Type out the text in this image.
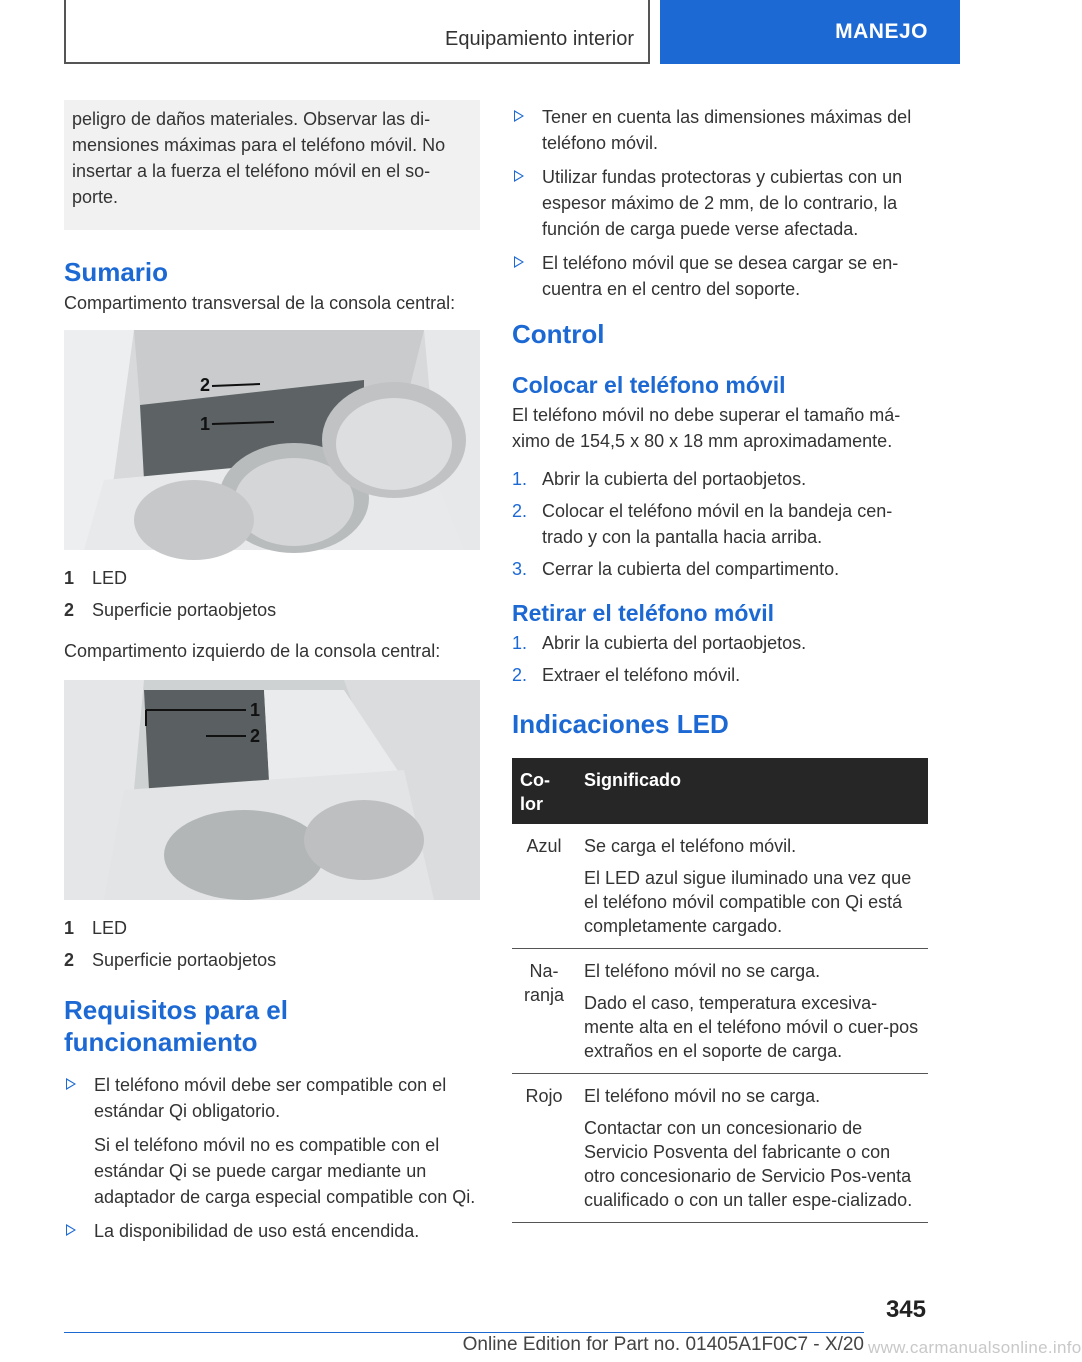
Equipamiento interior	MANEJO
peligro de daños materiales. Observar las di-mensiones máximas para el teléfono móvil. No insertar a la fuerza el teléfono móvil en el so-porte.
Sumario

Compartimento transversal de la consola central:

2
1
1 LED
2 Superficie portaobjetos

Compartimento izquierdo de la consola central:

1
2
1 LED
2 Superficie portaobjetos
Requisitos para el funcionamiento
El teléfono móvil debe ser compatible con el estándar Qi obligatorio.
Si el teléfono móvil no es compatible con el estándar Qi se puede cargar mediante un adaptador de carga especial compatible con Qi.
La disponibilidad de uso está encendida.
Tener en cuenta las dimensiones máximas del teléfono móvil.
Utilizar fundas protectoras y cubiertas con un espesor máximo de 2 mm, de lo contrario, la función de carga puede verse afectada.
El teléfono móvil que se desea cargar se en-cuentra en el centro del soporte.
Control
Colocar el teléfono móvil

El teléfono móvil no debe superar el tamaño má-ximo de 154,5 x 80 x 18 mm aproximadamente.

1. Abrir la cubierta del portaobjetos.
2. Colocar el teléfono móvil en la bandeja cen-trado y con la pantalla hacia arriba.
3. Cerrar la cubierta del compartimento.
Retirar el teléfono móvil
1. Abrir la cubierta del portaobjetos.
2. Extraer el teléfono móvil.
Indicaciones LED
Co-lor	Significado
Azul	Se carga el teléfono móvil.
El LED azul sigue iluminado una vez que el teléfono móvil compatible con Qi está completamente cargado.

Na-ranja	El teléfono móvil no se carga.
Dado el caso, temperatura excesiva-mente alta en el teléfono móvil o cuer-pos extraños en el soporte de carga.

Rojo	El teléfono móvil no se carga.
Contactar con un concesionario de Servicio Posventa del fabricante o con otro concesionario de Servicio Pos-venta cualificado o con un taller espe-cializado.
345
Online Edition for Part no. 01405A1F0C7 - X/20 www.carmanualsonline.info
